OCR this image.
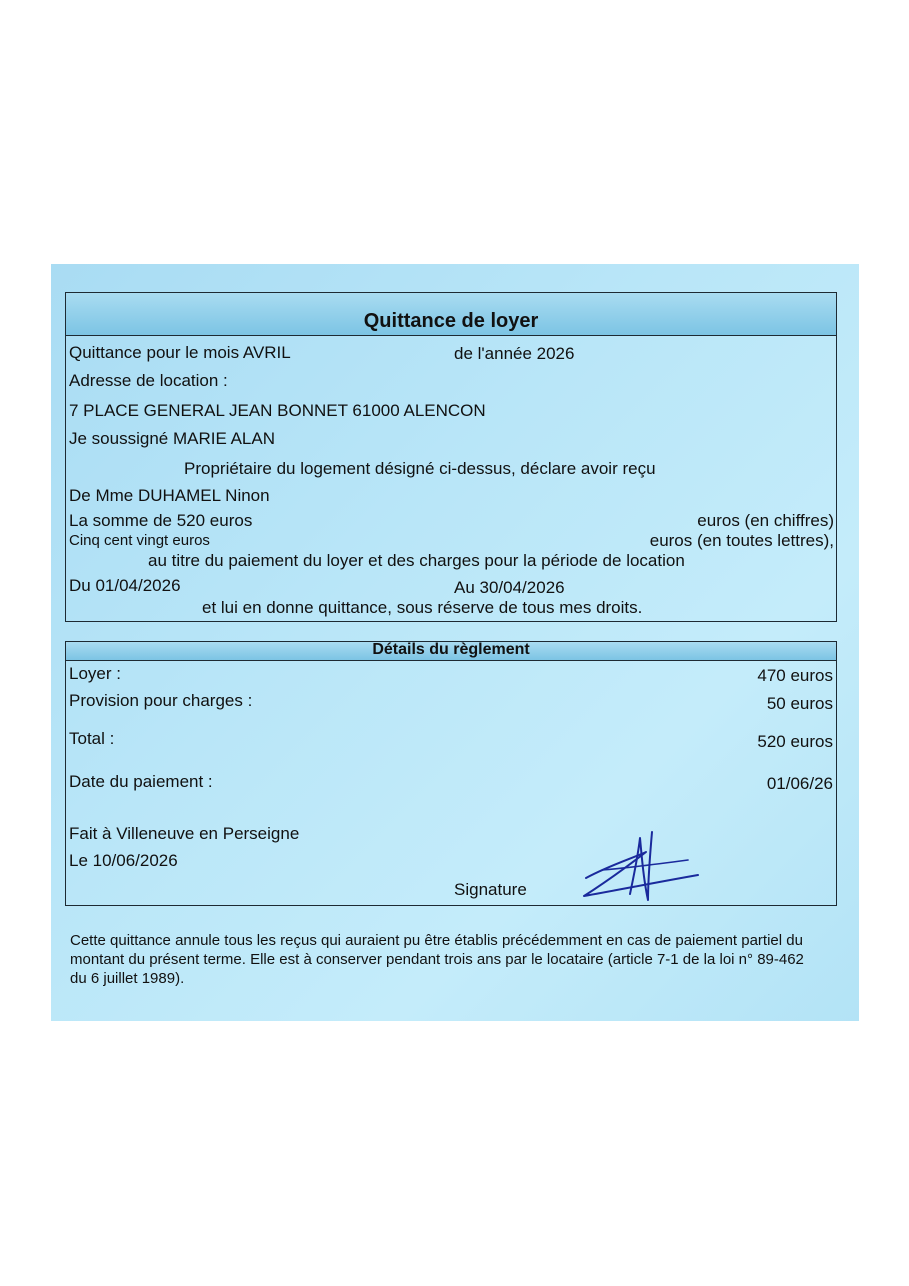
Quittance de loyer
Quittance pour le mois AVRIL	de l'année 2026
Adresse de location :
7 PLACE GENERAL JEAN BONNET 61000 ALENCON
Je soussigné MARIE ALAN
Propriétaire du logement désigné ci-dessus, déclare avoir reçu
De Mme DUHAMEL Ninon
La somme de 520 euros	euros (en chiffres)
Cinq cent vingt euros	euros (en toutes lettres),
au titre du paiement du loyer et des charges pour la période de location
Du 01/04/2026	Au 30/04/2026
et lui en donne quittance, sous réserve de tous mes droits.
Détails du règlement
Loyer :	470 euros
Provision pour charges :	50 euros
Total :	520 euros
Date du paiement :	01/06/26
Fait à Villeneuve en Perseigne
Le 10/06/2026
Signature
Cette quittance annule tous les reçus qui auraient pu être établis précédemment en cas de paiement partiel du montant du présent terme. Elle est à conserver pendant trois ans par le locataire (article 7-1 de la loi n° 89-462 du 6 juillet 1989).
